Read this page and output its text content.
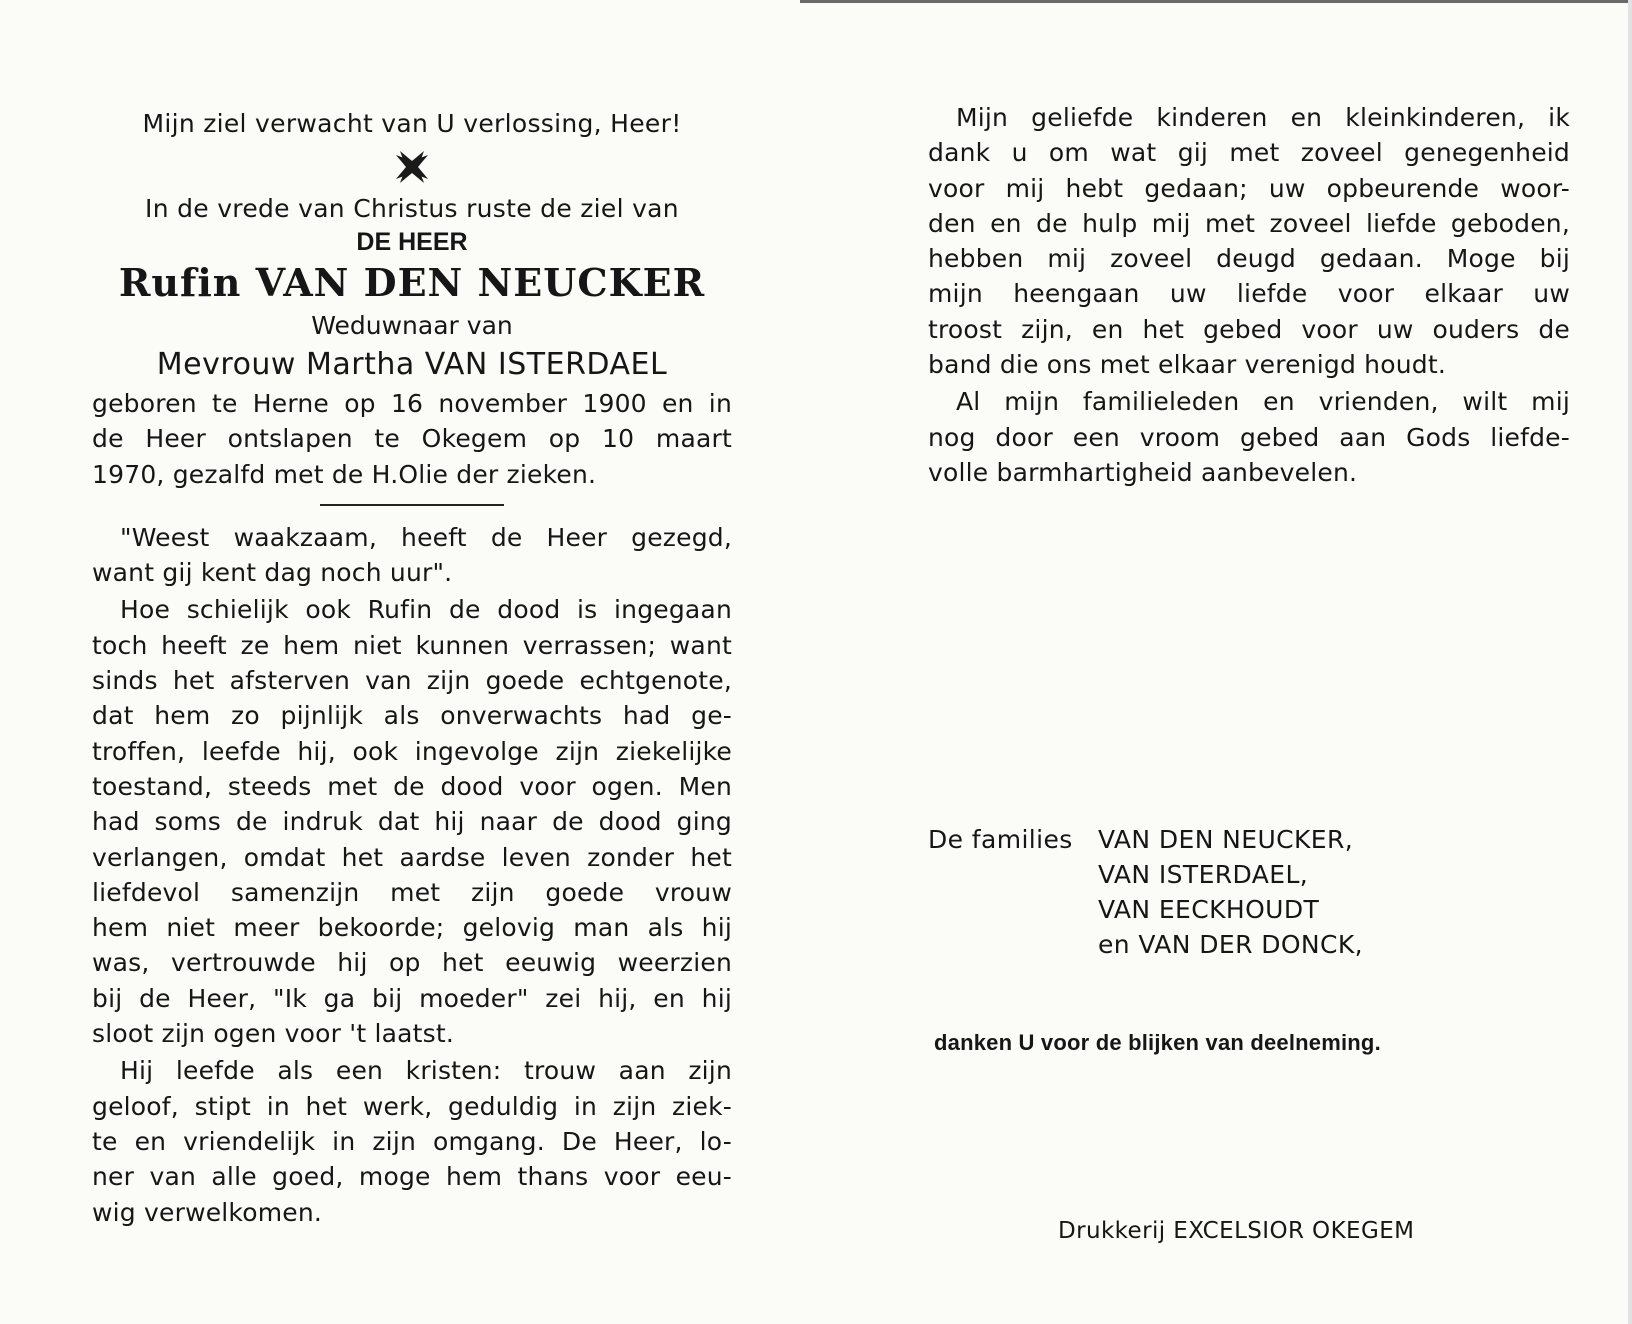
Mijn ziel verwacht van U verlossing, Heer!
In de vrede van Christus ruste de ziel van
DE HEER
Rufin VAN DEN NEUCKER
Weduwnaar van
Mevrouw Martha VAN ISTERDAEL
geboren te Herne op 16 november 1900 en in
de Heer ontslapen te Okegem op 10 maart
1970, gezalfd met de H.Olie der zieken.
"Weest waakzaam, heeft de Heer gezegd,
want gij kent dag noch uur".
Hoe schielijk ook Rufin de dood is ingegaan
toch heeft ze hem niet kunnen verrassen; want
sinds het afsterven van zijn goede echtgenote,
dat hem zo pijnlijk als onverwachts had ge-
troffen, leefde hij, ook ingevolge zijn ziekelijke
toestand, steeds met de dood voor ogen. Men
had soms de indruk dat hij naar de dood ging
verlangen, omdat het aardse leven zonder het
liefdevol samenzijn met zijn goede vrouw
hem niet meer bekoorde; gelovig man als hij
was, vertrouwde hij op het eeuwig weerzien
bij de Heer, "Ik ga bij moeder" zei hij, en hij
sloot zijn ogen voor 't laatst.
Hij leefde als een kristen: trouw aan zijn
geloof, stipt in het werk, geduldig in zijn ziek-
te en vriendelijk in zijn omgang. De Heer, lo-
ner van alle goed, moge hem thans voor eeu-
wig verwelkomen.
Mijn geliefde kinderen en kleinkinderen, ik
dank u om wat gij met zoveel genegenheid
voor mij hebt gedaan; uw opbeurende woor-
den en de hulp mij met zoveel liefde geboden,
hebben mij zoveel deugd gedaan. Moge bij
mijn heengaan uw liefde voor elkaar uw
troost zijn, en het gebed voor uw ouders de
band die ons met elkaar verenigd houdt.
Al mijn familieleden en vrienden, wilt mij
nog door een vroom gebed aan Gods liefde-
volle barmhartigheid aanbevelen.
De families VAN DEN NEUCKER,
VAN ISTERDAEL,
VAN EECKHOUDT
en VAN DER DONCK,
danken U voor de blijken van deelneming.
Drukkerij EXCELSIOR OKEGEM
